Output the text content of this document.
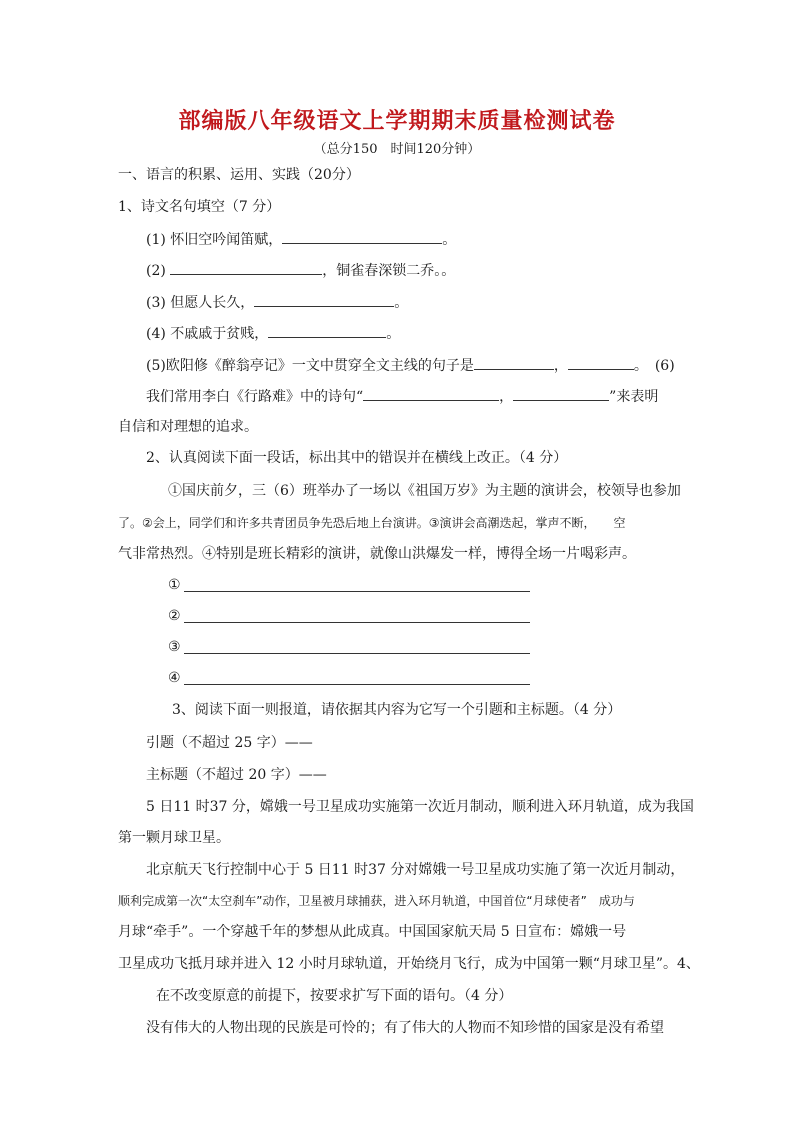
部编版八年级语文上学期期末质量检测试卷
（总分150　时间120分钟）
一、语言的积累、运用、实践（20分）
1、诗文名句填空（7 分）
(1) 怀旧空吟闻笛赋，	。
(2)	，铜雀春深锁二乔。。
(3) 但愿人长久，	。
(4) 不戚戚于贫贱，	。
(5)欧阳修《醉翁亭记》一文中贯穿全文主线的句子是	，	。　(6)
我们常用李白《行路难》中的诗句“	，	”来表明
自信和对理想的追求。
2、认真阅读下面一段话，标出其中的错误并在横线上改正。（4 分）
①国庆前夕，三（6）班举办了一场以《祖国万岁》为主题的演讲会，校领导也参加
了。②会上，同学们和许多共青团员争先恐后地上台演讲。③演讲会高潮迭起，掌声不断，　　空
气非常热烈。④特别是班长精彩的演讲，就像山洪爆发一样，博得全场一片喝彩声。
①
②
③
④
3、阅读下面一则报道，请依据其内容为它写一个引题和主标题。（4 分）
引题（不超过 25 字）——
主标题（不超过 20 字）——
5 日11 时37 分，嫦娥一号卫星成功实施第一次近月制动，顺利进入环月轨道，成为我国
第一颗月球卫星。
北京航天飞行控制中心于 5 日11 时37 分对嫦娥一号卫星成功实施了第一次近月制动，
顺利完成第一次“太空刹车”动作，卫星被月球捕获，进入环月轨道，中国首位“月球使者”　成功与
月球“牵手”。一个穿越千年的梦想从此成真。中国国家航天局 5 日宣布：嫦娥一号
卫星成功飞抵月球并进入 12 小时月球轨道，开始绕月飞行，成为中国第一颗“月球卫星”。4、
在不改变原意的前提下，按要求扩写下面的语句。（4 分）
没有伟大的人物出现的民族是可怜的；有了伟大的人物而不知珍惜的国家是没有希望
